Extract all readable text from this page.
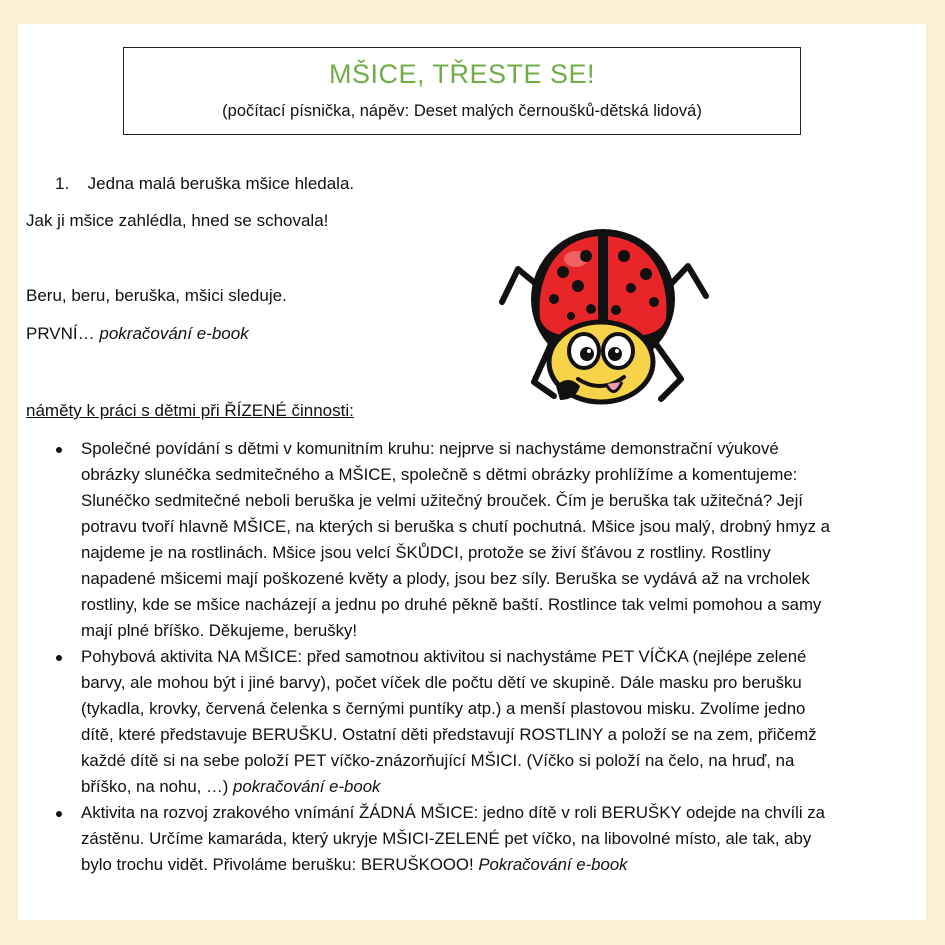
MŠICE, TŘESTE SE!
(počítací písnička, nápěv: Deset malých černoušků-dětská lidová)
1. Jedna malá beruška mšice hledala.
Jak ji mšice zahlédla, hned se schovala!
Beru, beru, beruška, mšici sleduje.
PRVNÍ… pokračování e-book
náměty k práci s dětmi při ŘÍZENÉ činnosti:
Společné povídání s dětmi v komunitním kruhu: nejprve si nachystáme demonstrační výukové obrázky slunéčka sedmitečného a MŠICE, společně s dětmi obrázky prohlížíme a komentujeme: Slunéčko sedmitečné neboli beruška je velmi užitečný brouček. Čím je beruška tak užitečná? Její potravu tvoří hlavně MŠICE, na kterých si beruška s chutí pochutná. Mšice jsou malý, drobný hmyz a najdeme je na rostlinách. Mšice jsou velcí ŠKŮDCI, protože se živí šťávou z rostliny. Rostliny napadené mšicemi mají poškozené květy a plody, jsou bez síly. Beruška se vydává až na vrcholek rostliny, kde se mšice nacházejí a jednu po druhé pěkně baští. Rostlince tak velmi pomohou a samy mají plné bříško. Děkujeme, berušky!
Pohybová aktivita NA MŠICE: před samotnou aktivitou si nachystáme PET VÍČKA (nejlépe zelené barvy, ale mohou být i jiné barvy), počet víček dle počtu dětí ve skupině. Dále masku pro berušku (tykadla, krovky, červená čelenka s černými puntíky atp.) a menší plastovou misku. Zvolíme jedno dítě, které představuje BERUŠKU. Ostatní děti představují ROSTLINY a položí se na zem, přičemž každé dítě si na sebe položí PET víčko-znázorňující MŠICI. (Víčko si položí na čelo, na hruď, na bříško, na nohu, …) pokračování e-book
Aktivita na rozvoj zrakového vnímání ŽÁDNÁ MŠICE: jedno dítě v roli BERUŠKY odejde na chvíli za zástěnu. Určíme kamaráda, který ukryje MŠICI-ZELENÉ pet víčko, na libovolné místo, ale tak, aby bylo trochu vidět. Přivoláme berušku: BERUŠKOOO! Pokračování e-book
